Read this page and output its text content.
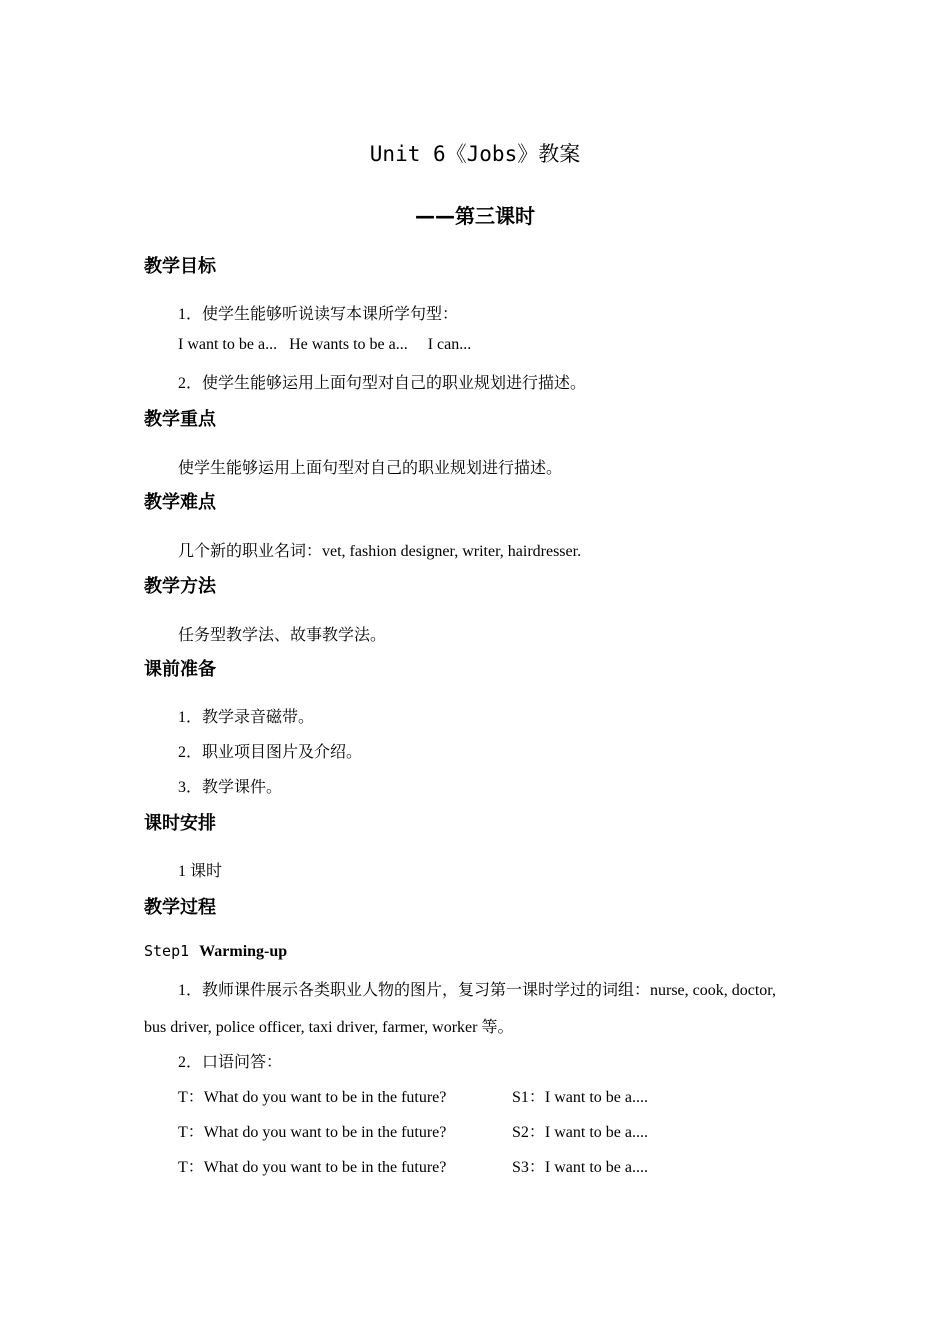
Unit 6《Jobs》教案
——第三课时
教学目标
1．使学生能够听说读写本课所学句型：
I want to be a...   He wants to be a...     I can...
2．使学生能够运用上面句型对自己的职业规划进行描述。
教学重点
使学生能够运用上面句型对自己的职业规划进行描述。
教学难点
几个新的职业名词：vet, fashion designer, writer, hairdresser.
教学方法
任务型教学法、故事教学法。
课前准备
1．教学录音磁带。
2．职业项目图片及介绍。
3．教学课件。
课时安排
1 课时
教学过程
Step1 Warming-up
1．教师课件展示各类职业人物的图片，复习第一课时学过的词组：nurse, cook, doctor,
bus driver, police officer, taxi driver, farmer, worker 等。
2．口语问答：
T：What do you want to be in the future?	S1：I want to be a....
T：What do you want to be in the future?	S2：I want to be a....
T：What do you want to be in the future?	S3：I want to be a....
